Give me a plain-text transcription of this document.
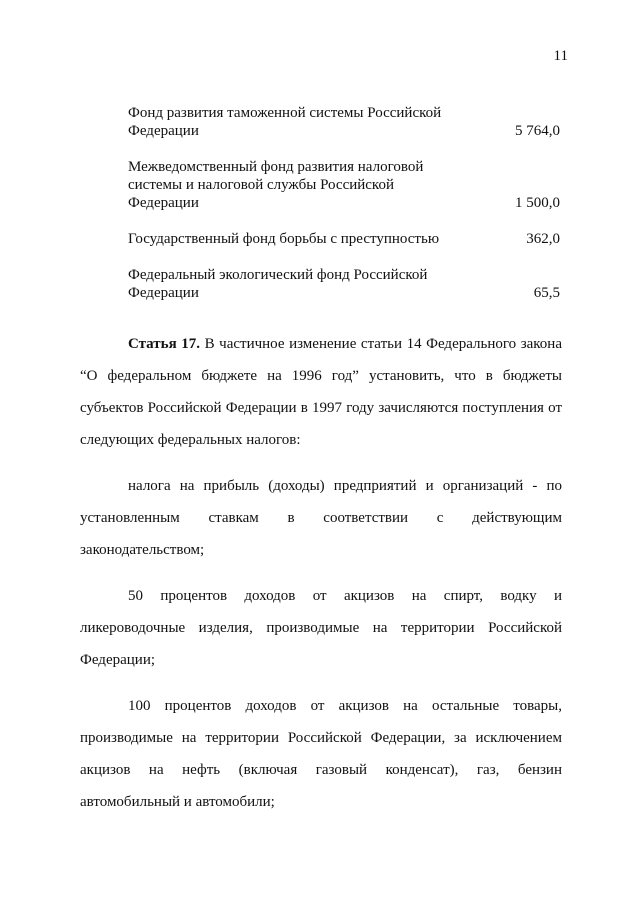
11
Фонд развития таможенной системы Российской Федерации	5 764,0
Межведомственный фонд развития налоговой системы и налоговой службы Российской Федерации	1 500,0
Государственный фонд борьбы с преступностью	362,0
Федеральный экологический фонд Российской Федерации	65,5

Статья 17. В частичное изменение статьи 14 Федерального закона “О федеральном бюджете на 1996 год” установить, что в бюджеты субъектов Российской Федерации в 1997 году зачисляются поступления от следующих федеральных налогов:

налога на прибыль (доходы) предприятий и организаций - по установленным ставкам в соответствии с действующим законодательством;

50 процентов доходов от акцизов на спирт, водку и ликероводочные изделия, производимые на территории Российской Федерации;

100 процентов доходов от акцизов на остальные товары, производимые на территории Российской Федерации, за исключением акцизов на нефть (включая газовый конденсат), газ, бензин автомобильный и автомобили;
